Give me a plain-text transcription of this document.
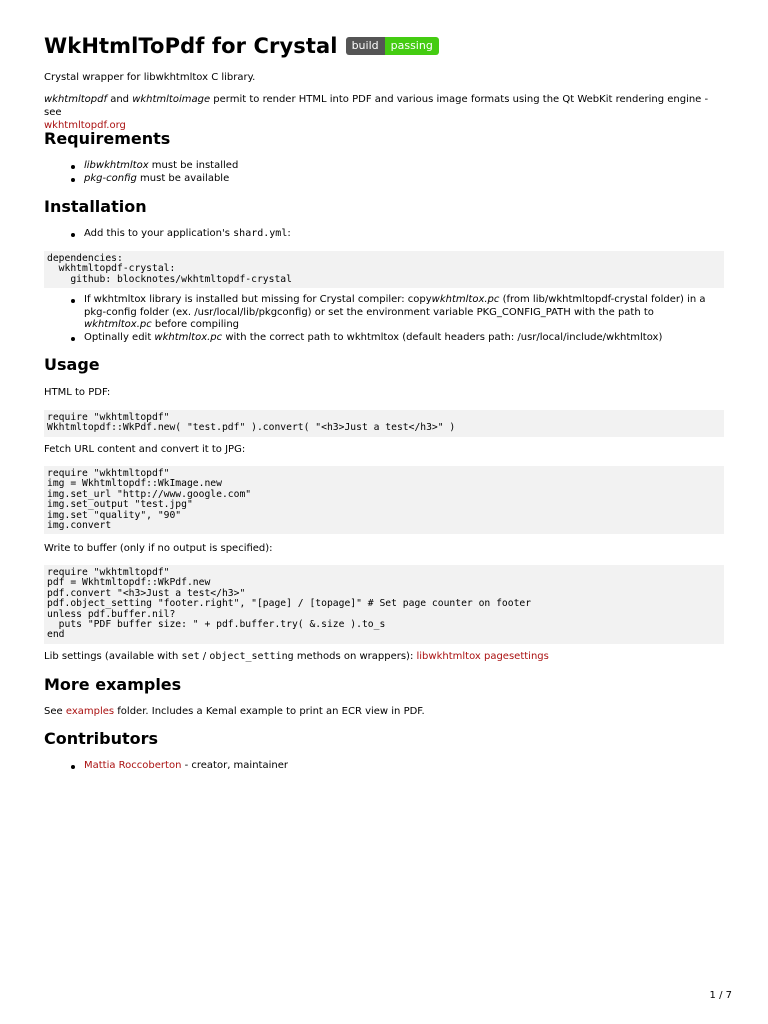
WkHtmlToPdf for Crystal	build	passing
Crystal wrapper for libwkhtmltox C library.
wkhtmltopdf and wkhtmltoimage permit to render HTML into PDF and various image formats using the Qt WebKit rendering engine - see
wkhtmltopdf.org
Requirements
libwkhtmltox must be installed
pkg-config must be available
Installation
Add this to your application's shard.yml:
dependencies:
wkhtmltopdf-crystal:
github: blocknotes/wkhtmltopdf-crystal
If wkhtmltox library is installed but missing for Crystal compiler: copywkhtmltox.pc (from lib/wkhtmltopdf-crystal folder) in a pkg-config folder (ex. /usr/local/lib/pkgconfig) or set the environment variable PKG_CONFIG_PATH with the path to wkhtmltox.pc before compiling
Optinally edit wkhtmltox.pc with the correct path to wkhtmltox (default headers path: /usr/local/include/wkhtmltox)
Usage
HTML to PDF:
require "wkhtmltopdf"
Wkhtmltopdf::WkPdf.new( "test.pdf" ).convert( "<h3>Just a test</h3>" )
Fetch URL content and convert it to JPG:
require "wkhtmltopdf"
img = Wkhtmltopdf::WkImage.new
img.set_url "http://www.google.com"
img.set_output "test.jpg"
img.set "quality", "90"
img.convert
Write to buffer (only if no output is specified):
require "wkhtmltopdf"
pdf = Wkhtmltopdf::WkPdf.new
pdf.convert "<h3>Just a test</h3>"
pdf.object_setting "footer.right", "[page] / [topage]" # Set page counter on footer
unless pdf.buffer.nil?
puts "PDF buffer size: " + pdf.buffer.try( &.size ).to_s
end
Lib settings (available with set / object_setting methods on wrappers): libwkhtmltox pagesettings
More examples
See examples folder. Includes a Kemal example to print an ECR view in PDF.
Contributors
Mattia Roccoberton - creator, maintainer
1 / 7
